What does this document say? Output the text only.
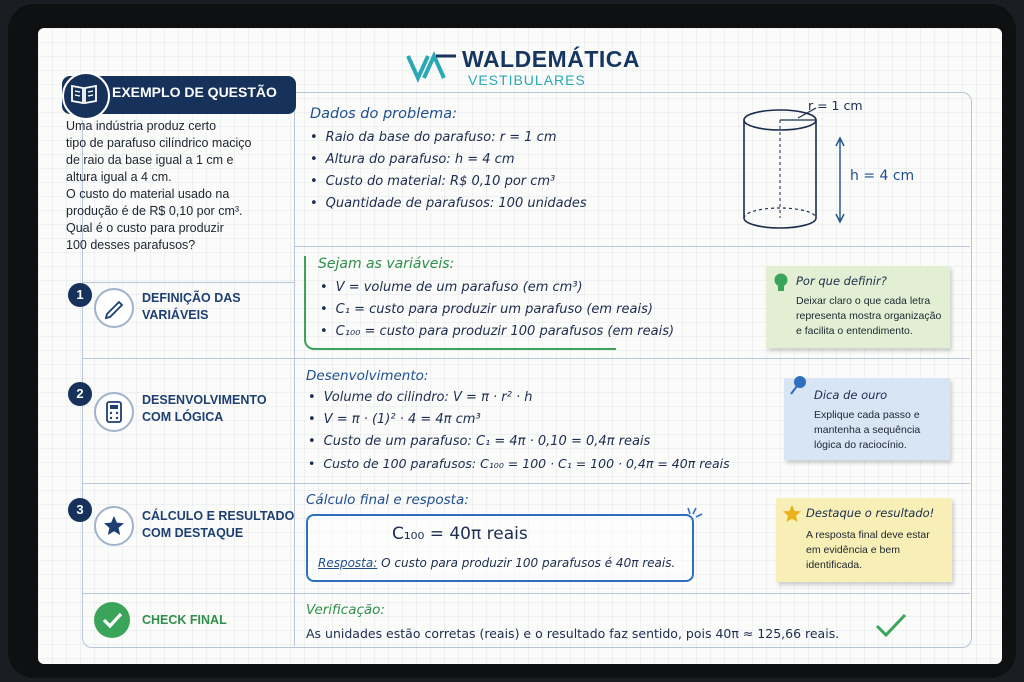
WALDEMÁTICA
VESTIBULARES
EXEMPLO DE QUESTÃO

Uma indústria produz certo

tipo de parafuso cilíndrico maciço

de raio da base igual a 1 cm e

altura igual a 4 cm.

O custo do material usado na

produção é de R$ 0,10 por cm³.

Qual é o custo para produzir

100 desses parafusos?

Dados do problema:
• Raio da base do parafuso: r = 1 cm
• Altura do parafuso: h = 4 cm
• Custo do material: R$ 0,10 por cm³
• Quantidade de parafusos: 100 unidades
r = 1 cm
h = 4 cm
1	DEFINIÇÃO DAS
VARIÁVEIS
Sejam as variáveis:
• V = volume de um parafuso (em cm³)
• C₁ = custo para produzir um parafuso (em reais)
• C₁₀₀ = custo para produzir 100 parafusos (em reais)
Por que definir?
Deixar claro o que cada letra representa mostra organização e facilita o entendimento.
2	DESENVOLVIMENTO
COM LÓGICA
Desenvolvimento:
• Volume do cilindro: V = π · r² · h
• V = π · (1)² · 4 = 4π cm³
• Custo de um parafuso: C₁ = 4π · 0,10 = 0,4π reais
• Custo de 100 parafusos: C₁₀₀ = 100 · C₁ = 100 · 0,4π = 40π reais
Dica de ouro
Explique cada passo e mantenha a sequência lógica do raciocínio.
3	CÁLCULO E RESULTADO
COM DESTAQUE
Cálculo final e resposta:
C₁₀₀ = 40π reais
Resposta: O custo para produzir 100 parafusos é 40π reais.
Destaque o resultado!
A resposta final deve estar em evidência e bem identificada.
CHECK FINAL
Verificação:
As unidades estão corretas (reais) e o resultado faz sentido, pois 40π ≈ 125,66 reais.
